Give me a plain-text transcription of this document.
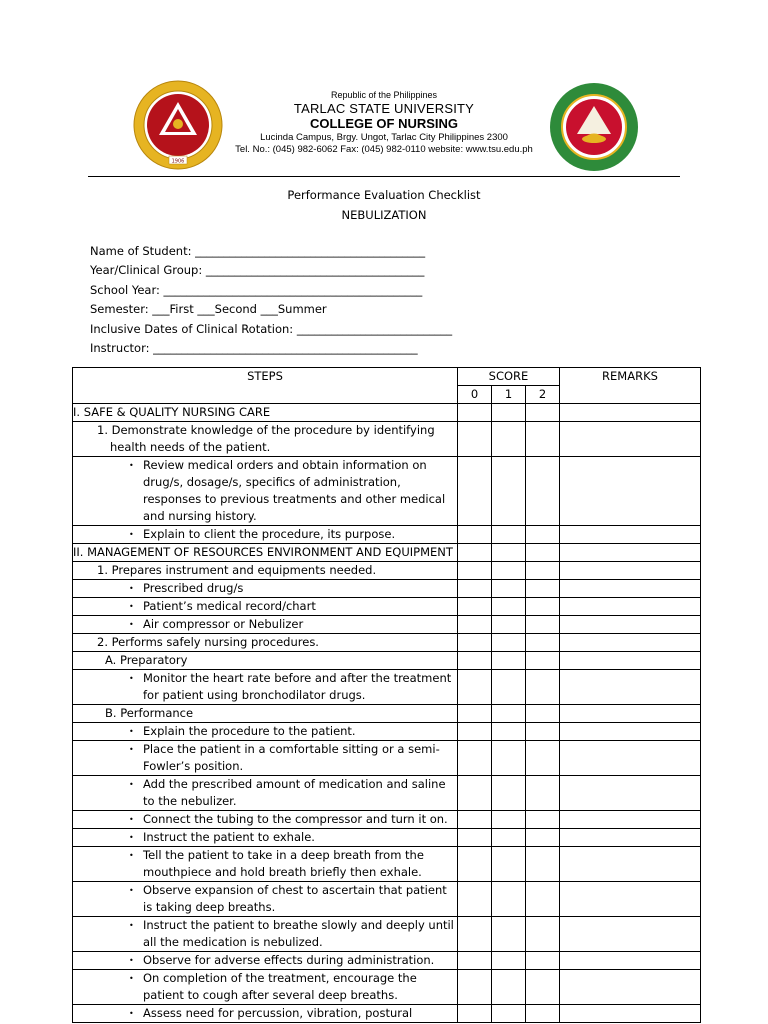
1906
Republic of the Philippines
TARLAC STATE UNIVERSITY
COLLEGE OF NURSING
Lucinda Campus, Brgy. Ungot, Tarlac City Philippines 2300
Tel. No.: (045) 982-6062 Fax: (045) 982-0110 website: www.tsu.edu.ph
Performance Evaluation Checklist
NEBULIZATION
Name of Student: ________________________________________
Year/Clinical Group: ______________________________________
School Year: _____________________________________________
Semester: ___First ___Second ___Summer
Inclusive Dates of Clinical Rotation: ___________________________
Instructor: ______________________________________________
STEPS	SCORE			REMARKS
	0	1	2	
I. SAFE & QUALITY NURSING CARE				
1. Demonstrate knowledge of the procedure by identifying health needs of the patient.				
• Review medical orders and obtain information on drug/s, dosage/s, specifics of administration, responses to previous treatments and other medical and nursing history.				
• Explain to client the procedure, its purpose.				
II. MANAGEMENT OF RESOURCES ENVIRONMENT AND EQUIPMENT				
1. Prepares instrument and equipments needed.				
• Prescribed drug/s				
• Patient’s medical record/chart				
• Air compressor or Nebulizer				
2. Performs safely nursing procedures.				
A. Preparatory				
• Monitor the heart rate before and after the treatment for patient using bronchodilator drugs.				
B. Performance				
• Explain the procedure to the patient.				
• Place the patient in a comfortable sitting or a semi-Fowler’s position.				
• Add the prescribed amount of medication and saline to the nebulizer.				
• Connect the tubing to the compressor and turn it on.				
• Instruct the patient to exhale.				
• Tell the patient to take in a deep breath from the mouthpiece and hold breath briefly then exhale.				
• Observe expansion of chest to ascertain that patient is taking deep breaths.				
• Instruct the patient to breathe slowly and deeply until all the medication is nebulized.				
• Observe for adverse effects during administration.				
• On completion of the treatment, encourage the patient to cough after several deep breaths.				
• Assess need for percussion, vibration, postural				
